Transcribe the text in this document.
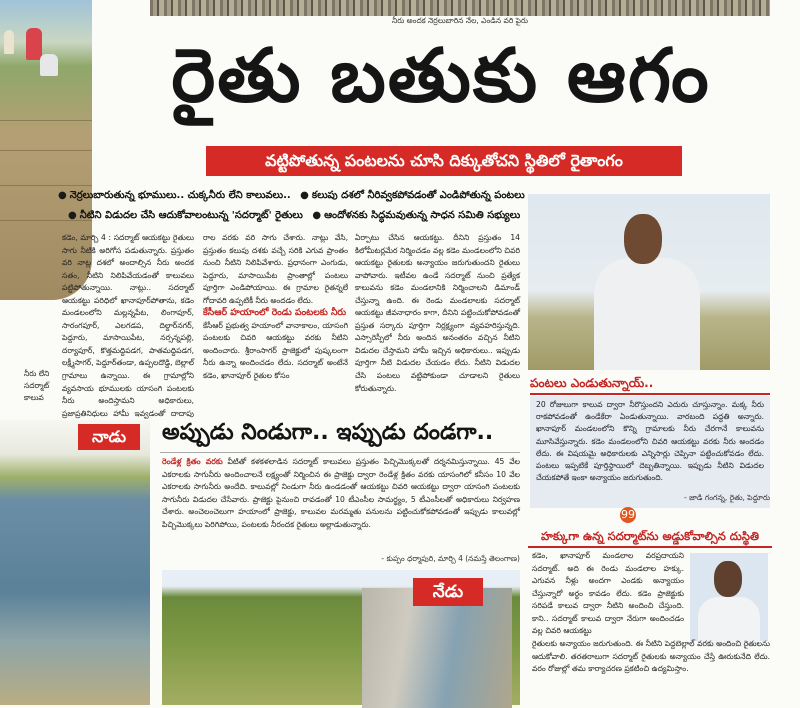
నీరు లేని సదర్మాట్ కాలువ
నీరు అందక నెర్రలుబారిన నేల, ఎండిన వరి పైరు
రైతు బతుకు ఆగం
వట్టిపోతున్న పంటలను చూసి దిక్కుతోచని స్థితిలో రైతాంగం
● నెర్రలుబారుతున్న భూములు.. చుక్కనీరు లేని కాలువలు.. ● కలుపు దశలో నీరివ్వకపోవడంతో ఎండిపోతున్న పంటలు
● నీటిని విడుదల చేసి ఆదుకోవాలంటున్న 'సదర్మాట్' రైతులు ● ఆందోళనకు సిద్ధమవుతున్న సాధన సమితి సభ్యులు
కడెం, మార్చి 4 : సదర్మాట్ ఆయకట్టు రైతులు సాగు నీటికి అరిగోస పడుతున్నారు. ప్రస్తుతం వరి నాట్ల దశలో అందాల్సిన నీరు అందక సతం, నీటిని నిలిపివేయడంతో కాలువలు పట్టిపోతున్నాయి. నాట్లు.. సదర్మాట్ ఆయకట్టు పరిధిలో ఖానాపూర్‌పోతాను, కడెం మండలంలోని మల్లన్నపేట, లింగాపూర్, సారంగపూర్, ఎలగడప, దిల్దార్‌నగర్, పెద్దూరు, మాసాయిపేట, నర్సన్నపల్లి, దర్యాపూర్, కొత్తమద్దిపడగ, పాతమద్దిపడగ, లక్ష్మీసాగర్, పెద్దూర్‌తండా, ఉప్పలదొడ్డి, బెల్లాల్ గ్రామాలు ఉన్నాయి. ఈ గ్రామాల్లోని వ్యవసాయ భూములకు యాసంగి పంటలకు నీరు అందిస్తామని అధికారులు, ప్రజాప్రతినిధులు హామీ ఇవ్వడంతో దాదాపు
రాల వరకు వరి సాగు చేశారు. నాట్లు వేసి, ప్రస్తుతం కలుపు దశకు వచ్చే సరికి ఎగువ ప్రాంతం నుంచి నీటిని నిలిపివేశారు. ప్రధానంగా ఎంగుడు, పెద్దూరు, మాసాయిపేట ప్రాంతాల్లో పంటలు పూర్తిగా ఎండిపోయాయి. ఈ గ్రామాల రైతన్నలే గోదావరి ఉప్పటికీ నీరు అందడం లేదు.
కేసీఆర్ హయాంలో రెండు పంటలకు నీరు
కేసీఆర్ ప్రభుత్వ హయాంలో వానాకాలం, యాసంగి పంటలకు చివరి ఆయకట్టు వరకు నీటిని అందించారు. శ్రీరాంసాగర్ ప్రాజెక్టులో పుష్కలంగా నీరు ఉన్నా అందించడం లేదు. సదర్మాట్ అంటేనే కడెం, ఖానాపూర్ రైతుల కోసం
ఏర్పాటు చేసిన ఆయకట్టు. దీనిని ప్రస్తుతం 14 కిలోమీటర్లమేర నిర్మించడం వల్ల కడెం మండలంలోని చివరి ఆయకట్టు రైతులకు అన్యాయం జరుగుతుందని రైతులు వాపోవారు. ఇటీవల ఉండే సదర్మాట్ నుంచి ప్రత్యేక కాలువను కడెం మండలానికి నిర్మించాలని డిమాండ్ చేస్తున్నా ఉంది. ఈ రెండు మండలాలకు సదర్మాట్ ఆయకట్టు జీవనాధారం కాగా, దీనిని పట్టించుకోపోవడంతో ప్రస్తుత సర్కారు పూర్తిగా నిర్లక్ష్యంగా వ్యవహరిస్తున్నది. ఎస్సారెస్పీలో నీరు అందిన అనంతరం వచ్చిన నీటిని విడుదల చేస్తామని హామీ ఇచ్చిన అధికారులు.. ఇప్పుడు పూర్తిగా నీటి విడుదల చేయడం లేదు. నీటిని విడుదల చేసి పంటలు వట్టిపోకుండా చూడాలని రైతులు కోరుతున్నారు.	పంటలు ఎండుతున్నాయ్..
20 రోజులుగా కాలువ ద్వారా నీరొస్తుందని ఎదురు చూస్తున్నాం. మక్క నీరు రాకపోవడంతో ఉండేకేరా ఏండుతున్నాయి. వారబంది పద్ధతి అన్నారు. ఖానాపూర్ మండలంలోని కొన్ని గ్రామాలకు నీరు చేరగానే కాలువను మూసివేస్తున్నారు. కడెం మండలంలోని చివరి ఆయకట్టు వరకు నీరు అందడం లేదు. ఈ విషయమై అధికారులకు ఎన్నిసార్లు చెప్పినా పట్టించుకోవడం లేదు. పంటలు ఇప్పటికే పూర్తిస్థాయిలో దెబ్బతిన్నాయి. ఇప్పుడు నీటిని విడుదల చేయకపోతే ఇంకా అన్యాయం జరుగుతుంది.
- జాడి గంగన్న, రైతు, పెద్దూరు
99
హక్కుగా ఉన్న సదర్మాట్‌ను అడ్డుకోవాల్సిన దుస్థితి
కడెం, ఖానాపూర్ మండలాల వరప్రదాయని సదర్మాట్. అది ఈ రెండు మండలాల హక్కు. ఎగువన నీళ్లు అందగా ఎండకు అన్యాయం చేస్తున్నారో అర్థం కావడం లేదు. కడెం ప్రాజెక్టుకు సరిపడే కాలువ ద్వారా నీటిని అందించి చేస్తుంది. కాని.. సదర్మాట్ కాలువ ద్వారా నేరుగా అందించడం వల్ల చివరి ఆయకట్టు
రైతులకు అన్యాయం జరుగుతుంది. ఈ నీటిని పెద్దబెల్లాల్ వరకు అందించి రైతులను ఆదుకోవాలి. తరతరాలుగా సదర్మాట్ రైతులకు అన్యాయం చేస్తే ఊరుకునేది లేదు. వరం రోజుల్లో తమ కార్యాచరణ ప్రకటించి ఉద్యమిస్తాం.
నాడు	అప్పుడు నిండుగా.. ఇప్పుడు దండగా..
రెండేళ్ల క్రితం వరకు వీటితో కళకళలాడిన సదర్మాట్ కాలువలు ప్రస్తుతం పిచ్చిమొక్కలతో దర్శనమిస్తున్నాయి. 45 వేల ఎకరాలకు సాగునీరు అందించాలనే లక్ష్యంతో నిర్మించిన ఈ ప్రాజెక్టు ద్వారా రెండేళ్ల క్రితం వరకు యాసంగిలో కనీసం 10 వేల ఎకరాలకు సాగునీరు అందేది. కాలువల్లో నిండుగా నీరు ఉండడంతో ఆయకట్టు చివరి ఆయకట్టు ద్వారా యాసంగి పంటలకు సాగునీరు విడుదల చేసేవారు. ప్రాజెక్టు పైనుంచి రావడంతో 10 టీఎంసీల సామర్థ్యం, 5 టీఎంసీలతో అధికారులు నిర్వహణ చేశారు. అంచెలంచెలుగా హయాంలో ప్రాజెక్టు, కాలువల మరమ్మతు పనులను పట్టించుకోకపోవడంతో ఇప్పుడు కాలువల్లో పిచ్చిమొక్కలు పెరిగిపోయి, పంటలకు నీరందక రైతులు అల్లాడుతున్నారు.
- కుప్పం ధర్మాపురి, మార్చి 4 (నమస్తే తెలంగాణ)
నేడు
